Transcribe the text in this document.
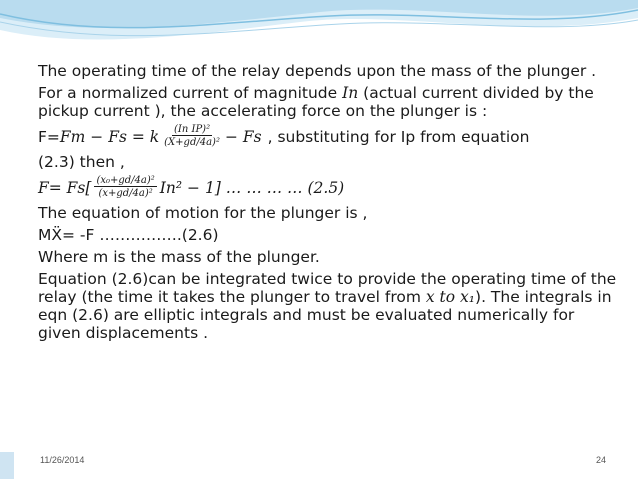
The operating time of the relay depends upon the mass of the plunger .

For a normalized current of magnitude In (actual current divided by the pickup current ), the accelerating force on the plunger is :

F= Fm − Fs = k $\frac{\text{(In IP)²}}{\text{(X+gd/4a)²}} - Fs$ , substituting for Ip from equation

(2.3) then ,

$F= Fs[ \frac{\text{(x₀+gd/4a)²}}{\text{(x+gd/4a)²}} In^2 - 1]$ … … … … (2.5)

The equation of motion for the plunger is ,

MẌ= -F …………….(2.6)

Where m is the mass of the plunger.

Equation (2.6)can be integrated twice to provide the operating time of the relay (the time it takes the plunger to travel from x to x₁). The integrals in eqn (2.6) are elliptic integrals and must be evaluated numerically for given displacements .

11/26/2014	24
